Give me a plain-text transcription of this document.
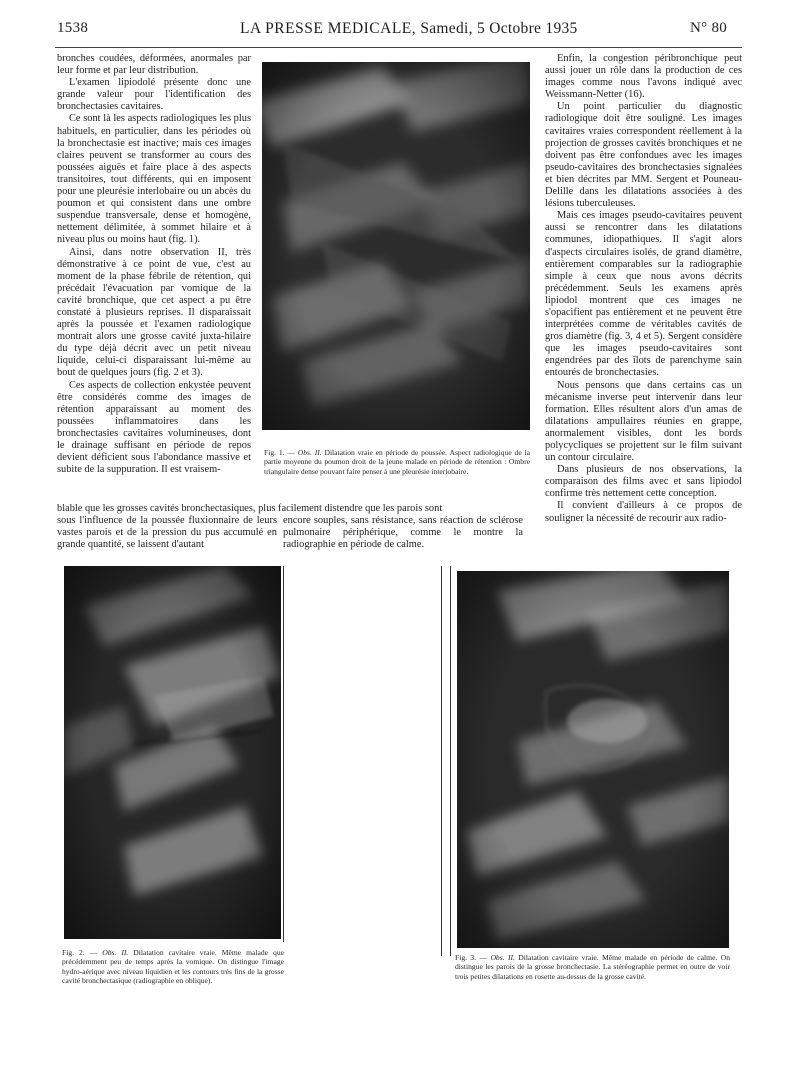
1538	LA PRESSE MEDICALE, Samedi, 5 Octobre 1935	N° 80

bronches coudées, déformées, anormales par leur forme et par leur distribution.

L'examen lipiodolé présente donc une grande valeur pour l'identification des bronchectasies cavitaires.

Ce sont là les aspects radiologiques les plus habituels, en particulier, dans les périodes où la bronchectasie est inactive; mais ces images claires peuvent se transformer au cours des poussées aiguës et faire place à des aspects transitoires, tout différents, qui en imposent pour une pleurésie interlobaire ou un abcès du poumon et qui consistent dans une ombre suspendue transversale, dense et homogène, nettement délimitée, à sommet hilaire et à niveau plus ou moins haut (fig. 1).

Ainsi, dans notre observation II, très démonstrative à ce point de vue, c'est au moment de la phase fébrile de rétention, qui précédait l'évacuation par vomique de la cavité bronchique, que cet aspect a pu être constaté à plusieurs reprises. Il disparaissait après la poussée et l'examen radiologique montrait alors une grosse cavité juxta-hilaire du type déjà décrit avec un petit niveau liquide, celui-ci disparaissant lui-même au bout de quelques jours (fig. 2 et 3).

Ces aspects de collection enkystée peuvent être considérés comme des images de rétention apparaissant au moment des poussées inflammatoires dans les bronchectasies cavitaires volumineuses, dont le drainage suffisant en période de repos devient déficient sous l'abondance massive et subite de la suppuration. Il est vraisem-

Fig. 1. — Obs. II. Dilatation vraie en période de poussée. Aspect radiologique de la partie moyenne du poumon droit de la jeune malade en période de rétention : Ombre triangulaire dense pouvant faire penser à une pleurésie interlobaire.

Enfin, la congestion péribronchique peut aussi jouer un rôle dans la production de ces images comme nous l'avons indiqué avec Weissmann-Netter (16).

Un point particulier du diagnostic radiologique doit être souligné. Les images cavitaires vraies correspondent réellement à la projection de grosses cavités bronchiques et ne doivent pas être confondues avec les images pseudo-cavitaires des bronchectasies signalées et bien décrites par MM. Sergent et Pouneau-Delille dans les dilatations associées à des lésions tuberculeuses.

Mais ces images pseudo-cavitaires peuvent aussi se rencontrer dans les dilatations communes, idiopathiques. Il s'agit alors d'aspects circulaires isolés, de grand diamètre, entièrement comparables sur la radiographie simple à ceux que nous avons décrits précédemment. Seuls les examens après lipiodol montrent que ces images ne s'opacifient pas entièrement et ne peuvent être interprétées comme de véritables cavités de gros diamètre (fig. 3, 4 et 5). Sergent considère que les images pseudo-cavitaires sont engendrées par des îlots de parenchyme sain entourés de bronchectasies.

Nous pensons que dans certains cas un mécanisme inverse peut intervenir dans leur formation. Elles résultent alors d'un amas de dilatations ampullaires réunies en grappe, anormalement visibles, dont les bords polycycliques se projettent sur le film suivant un contour circulaire.

Dans plusieurs de nos observations, la comparaison des films avec et sans lipiodol confirme très nettement cette conception.

Il convient d'ailleurs à ce propos de souligner la nécessité de recourir aux radio-

blable que les grosses cavités bronchectasiques, plus facilement distendre que les parois sont

sous l'influence de la poussée fluxionnaire de leurs vastes parois et de la pression du pus accumulé en grande quantité, se laissent d'autant

encore souples, sans résistance, sans réaction de sclérose pulmonaire périphérique, comme le montre la radiographie en période de calme.

Fig. 2. — Obs. II. Dilatation cavitaire vraie. Même malade que précédemment peu de temps après la vomique. On distingue l'image hydro-aérique avec niveau liquidien et les contours très fins de la grosse cavité bronchectasique (radiographie en oblique).
Fig. 3. — Obs. II. Dilatation cavitaire vraie. Même malade en période de calme. On distingue les parois de la grosse bronchectasie. La stéréographie permet en outre de voir trois petites dilatations en rosette au-dessus de la grosse cavité.
